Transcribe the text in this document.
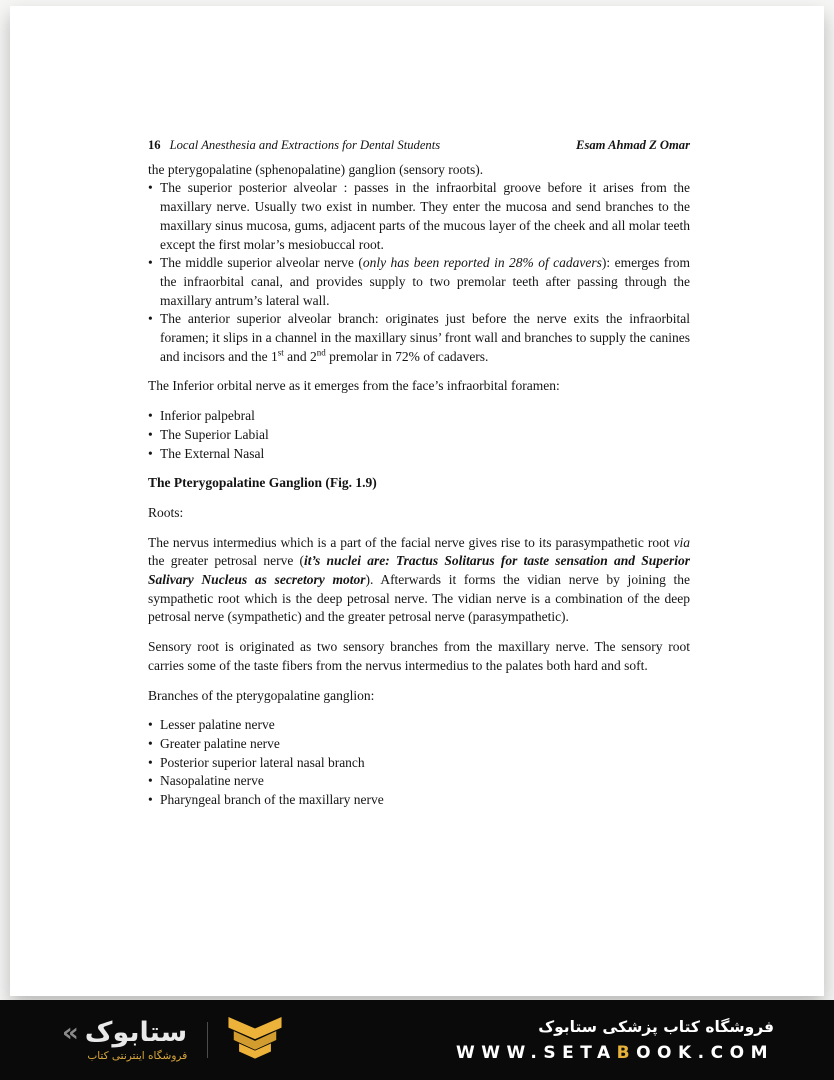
16 Local Anesthesia and Extractions for Dental Students	Esam Ahmad Z Omar

the pterygopalatine (sphenopalatine) ganglion (sensory roots).

• The superior posterior alveolar : passes in the infraorbital groove before it arises from the maxillary nerve. Usually two exist in number. They enter the mucosa and send branches to the maxillary sinus mucosa, gums, adjacent parts of the mucous layer of the cheek and all molar teeth except the first molar’s mesiobuccal root.
• The middle superior alveolar nerve (only has been reported in 28% of cadavers): emerges from the infraorbital canal, and provides supply to two premolar teeth after passing through the maxillary antrum’s lateral wall.
• The anterior superior alveolar branch: originates just before the nerve exits the infraorbital foramen; it slips in a channel in the maxillary sinus’ front wall and branches to supply the canines and incisors and the 1st and 2nd premolar in 72% of cadavers.

The Inferior orbital nerve as it emerges from the face’s infraorbital foramen:

• Inferior palpebral
• The Superior Labial
• The External Nasal

The Pterygopalatine Ganglion (Fig. 1.9)

Roots:

The nervus intermedius which is a part of the facial nerve gives rise to its parasympathetic root via the greater petrosal nerve (it’s nuclei are: Tractus Solitarus for taste sensation and Superior Salivary Nucleus as secretory motor). Afterwards it forms the vidian nerve by joining the sympathetic root which is the deep petrosal nerve. The vidian nerve is a combination of the deep petrosal nerve (sympathetic) and the greater petrosal nerve (parasympathetic).

Sensory root is originated as two sensory branches from the maxillary nerve. The sensory root carries some of the taste fibers from the nervus intermedius to the palates both hard and soft.

Branches of the pterygopalatine ganglion:

• Lesser palatine nerve
• Greater palatine nerve
• Posterior superior lateral nasal branch
• Nasopalatine nerve
• Pharyngeal branch of the maxillary nerve
« ستابوک
فروشگاه اینترنتی کتاب
فروشگاه کتاب پزشکی ستابوک
WWW.SETABOOK.COM
